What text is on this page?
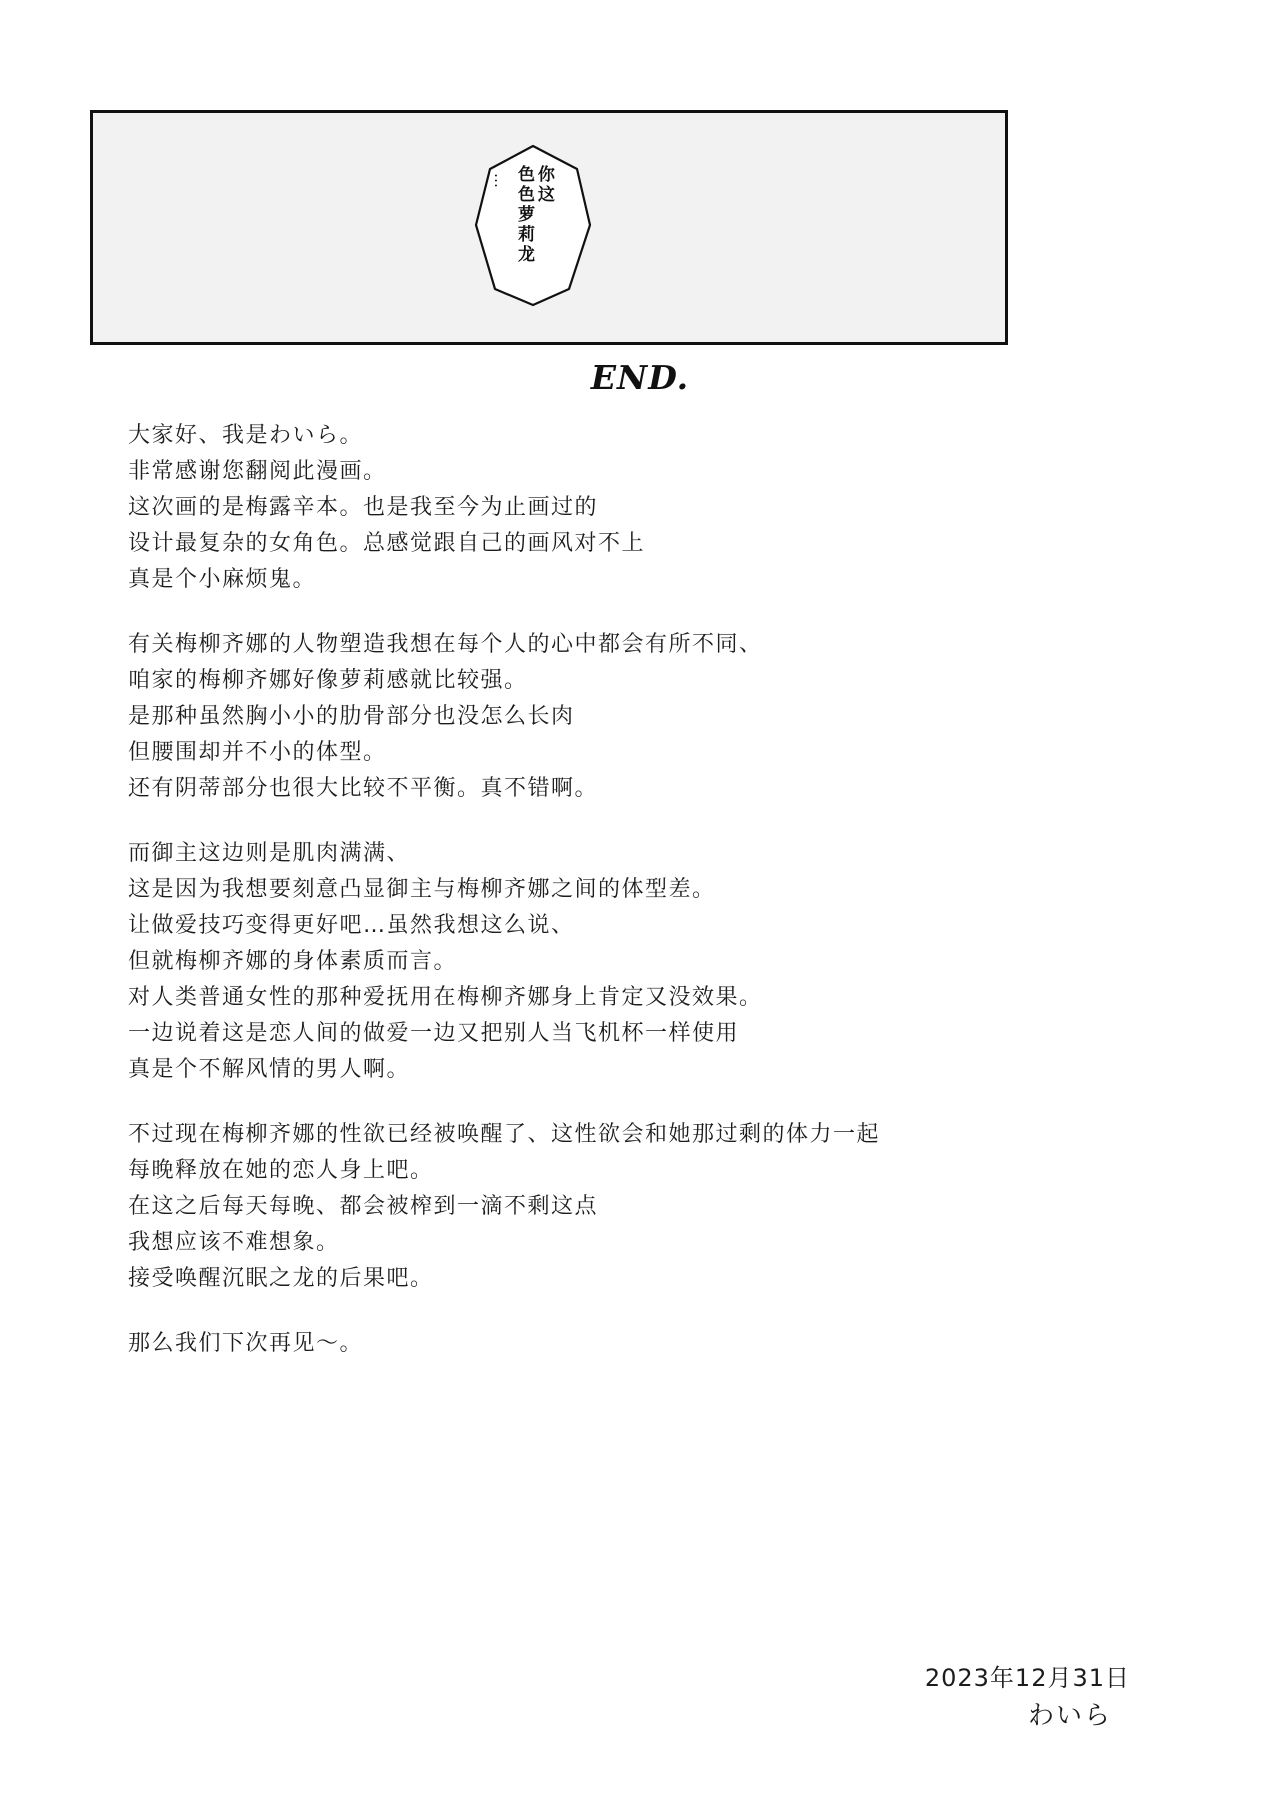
你这
色色萝莉龙
…
END.
大家好、我是わいら。
非常感谢您翻阅此漫画。
这次画的是梅露辛本。也是我至今为止画过的
设计最复杂的女角色。总感觉跟自己的画风对不上
真是个小麻烦鬼。
有关梅柳齐娜的人物塑造我想在每个人的心中都会有所不同、
咱家的梅柳齐娜好像萝莉感就比较强。
是那种虽然胸小小的肋骨部分也没怎么长肉
但腰围却并不小的体型。
还有阴蒂部分也很大比较不平衡。真不错啊。
而御主这边则是肌肉满满、
这是因为我想要刻意凸显御主与梅柳齐娜之间的体型差。
让做爱技巧变得更好吧…虽然我想这么说、
但就梅柳齐娜的身体素质而言。
对人类普通女性的那种爱抚用在梅柳齐娜身上肯定又没效果。
一边说着这是恋人间的做爱一边又把别人当飞机杯一样使用
真是个不解风情的男人啊。
不过现在梅柳齐娜的性欲已经被唤醒了、这性欲会和她那过剩的体力一起
每晚释放在她的恋人身上吧。
在这之后每天每晚、都会被榨到一滴不剩这点
我想应该不难想象。
接受唤醒沉眠之龙的后果吧。
那么我们下次再见～。
2023年12月31日
わいら
